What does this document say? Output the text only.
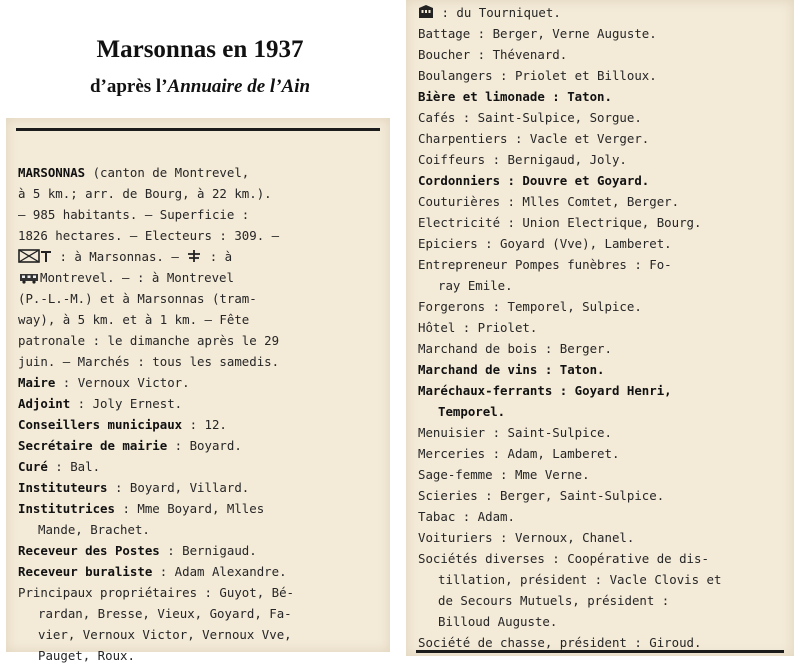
Marsonnas en 1937
d’après l’Annuaire de l’Ain
MARSONNAS (canton de Montrevel,
à 5 km.; arr. de Bourg, à 22 km.).
— 985 habitants. — Superficie :
1826 hectares. — Electeurs : 309. —
: à Marsonnas. —  : à
Montrevel. — : à Montrevel
(P.-L.-M.) et à Marsonnas (tram-
way), à 5 km. et à 1 km. — Fête
patronale : le dimanche après le 29
juin. — Marchés : tous les samedis.
Maire : Vernoux Victor.
Adjoint : Joly Ernest.
Conseillers municipaux : 12.
Secrétaire de mairie : Boyard.
Curé : Bal.
Instituteurs : Boyard, Villard.
Institutrices : Mme Boyard, Mlles
Mande, Brachet.
Receveur des Postes : Bernigaud.
Receveur buraliste : Adam Alexandre.
Principaux propriétaires : Guyot, Bé-
rardan, Bresse, Vieux, Goyard, Fa-
vier, Vernoux Victor, Vernoux Vve,
Pauget, Roux.
: du Tourniquet.
Battage : Berger, Verne Auguste.
Boucher : Thévenard.
Boulangers : Priolet et Billoux.
Bière et limonade : Taton.
Cafés : Saint-Sulpice, Sorgue.
Charpentiers : Vacle et Verger.
Coiffeurs : Bernigaud, Joly.
Cordonniers : Douvre et Goyard.
Couturières : Mlles Comtet, Berger.
Electricité : Union Electrique, Bourg.
Epiciers : Goyard (Vve), Lamberet.
Entrepreneur Pompes funèbres : Fo-
ray Emile.
Forgerons : Temporel, Sulpice.
Hôtel : Priolet.
Marchand de bois : Berger.
Marchand de vins : Taton.
Maréchaux-ferrants : Goyard Henri,
Temporel.
Menuisier : Saint-Sulpice.
Merceries : Adam, Lamberet.
Sage-femme : Mme Verne.
Scieries : Berger, Saint-Sulpice.
Tabac : Adam.
Voituriers : Vernoux, Chanel.
Sociétés diverses : Coopérative de dis-
tillation, président : Vacle Clovis et
de Secours Mutuels, président :
Billoud Auguste.
Société de chasse, président : Giroud.
